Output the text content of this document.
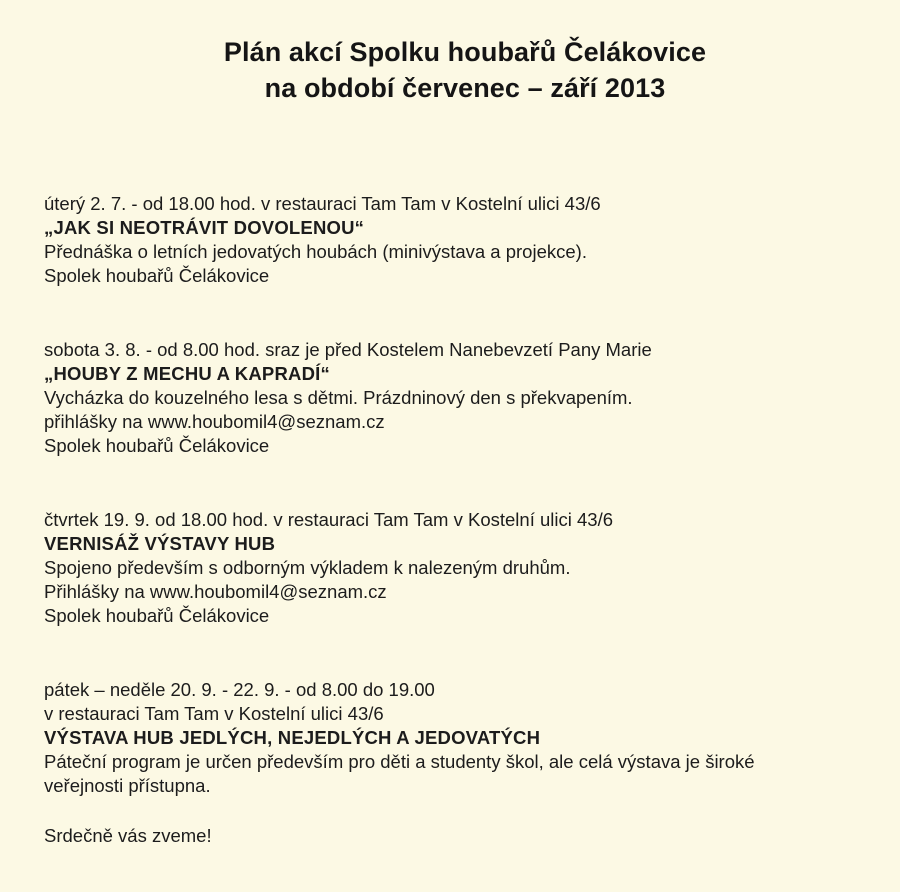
Plán akcí Spolku houbařů Čelákovice
na období červenec – září 2013
úterý 2. 7. - od 18.00 hod. v restauraci Tam Tam v Kostelní ulici 43/6
„JAK SI NEOTRÁVIT DOVOLENOU“
Přednáška o letních jedovatých houbách (minivýstava a projekce).
Spolek houbařů Čelákovice
sobota 3. 8. - od 8.00 hod. sraz je před Kostelem Nanebevzetí Pany Marie
„HOUBY Z MECHU A KAPRADÍ“
Vycházka do kouzelného lesa s dětmi. Prázdninový den s překvapením.
přihlášky na www.houbomil4@seznam.cz
Spolek houbařů Čelákovice
čtvrtek 19. 9. od 18.00 hod. v restauraci Tam Tam v Kostelní ulici 43/6
VERNISÁŽ VÝSTAVY HUB
Spojeno především s odborným výkladem k nalezeným druhům.
Přihlášky na www.houbomil4@seznam.cz
Spolek houbařů Čelákovice
pátek – neděle 20. 9. - 22. 9. - od 8.00 do 19.00
v restauraci Tam Tam v Kostelní ulici 43/6
VÝSTAVA HUB JEDLÝCH, NEJEDLÝCH A JEDOVATÝCH
Páteční program je určen především pro děti a studenty škol, ale celá výstava je široké
veřejnosti přístupna.
Srdečně vás zveme!
